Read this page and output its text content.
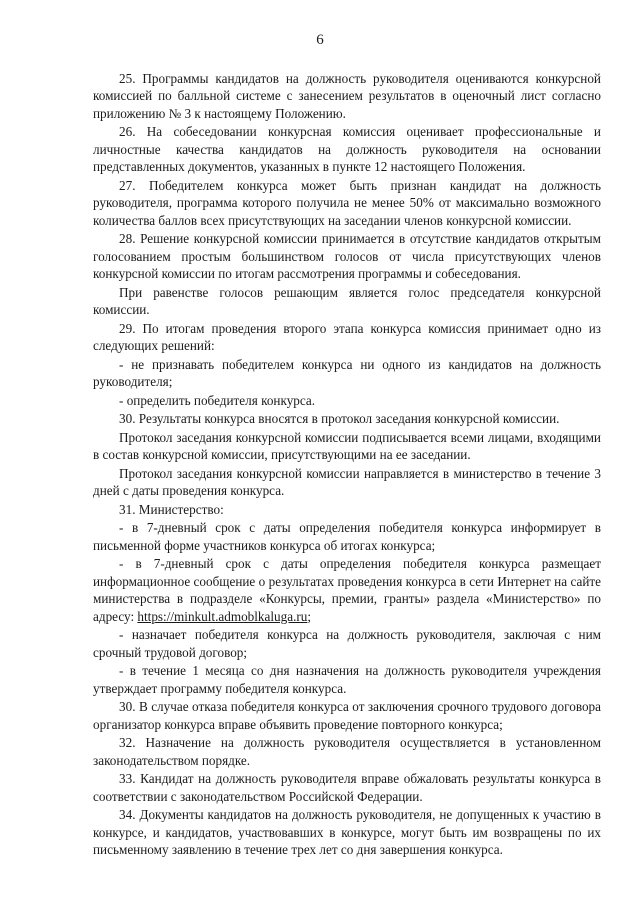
6

25. Программы кандидатов на должность руководителя оцениваются конкурсной комиссией по балльной системе с занесением результатов в оценочный лист согласно приложению № 3 к настоящему Положению.

26. На собеседовании конкурсная комиссия оценивает профессиональные и личностные качества кандидатов на должность руководителя на основании представленных документов, указанных в пункте 12 настоящего Положения.

27. Победителем конкурса может быть признан кандидат на должность руководителя, программа которого получила не менее 50% от максимально возможного количества баллов всех присутствующих на заседании членов конкурсной комиссии.

28. Решение конкурсной комиссии принимается в отсутствие кандидатов открытым голосованием простым большинством голосов от числа присутствующих членов конкурсной комиссии по итогам рассмотрения программы и собеседования.

При равенстве голосов решающим является голос председателя конкурсной комиссии.

29. По итогам проведения второго этапа конкурса комиссия принимает одно из следующих решений:

- не признавать победителем конкурса ни одного из кандидатов на должность руководителя;

- определить победителя конкурса.

30. Результаты конкурса вносятся в протокол заседания конкурсной комиссии.

Протокол заседания конкурсной комиссии подписывается всеми лицами, входящими в состав конкурсной комиссии, присутствующими на ее заседании.

Протокол заседания конкурсной комиссии направляется в министерство в течение 3 дней с даты проведения конкурса.

31. Министерство:

- в 7-дневный срок с даты определения победителя конкурса информирует в письменной форме участников конкурса об итогах конкурса;

- в 7-дневный срок с даты определения победителя конкурса размещает информационное сообщение о результатах проведения конкурса в сети Интернет на сайте министерства в подразделе «Конкурсы, премии, гранты» раздела «Министерство» по адресу: https://minkult.admoblkaluga.ru;

- назначает победителя конкурса на должность руководителя, заключая с ним срочный трудовой договор;

- в течение 1 месяца со дня назначения на должность руководителя учреждения утверждает программу победителя конкурса.

30. В случае отказа победителя конкурса от заключения срочного трудового договора организатор конкурса вправе объявить проведение повторного конкурса;

32. Назначение на должность руководителя осуществляется в установленном законодательством порядке.

33. Кандидат на должность руководителя вправе обжаловать результаты конкурса в соответствии с законодательством Российской Федерации.

34. Документы кандидатов на должность руководителя, не допущенных к участию в конкурсе, и кандидатов, участвовавших в конкурсе, могут быть им возвращены по их письменному заявлению в течение трех лет со дня завершения конкурса.
